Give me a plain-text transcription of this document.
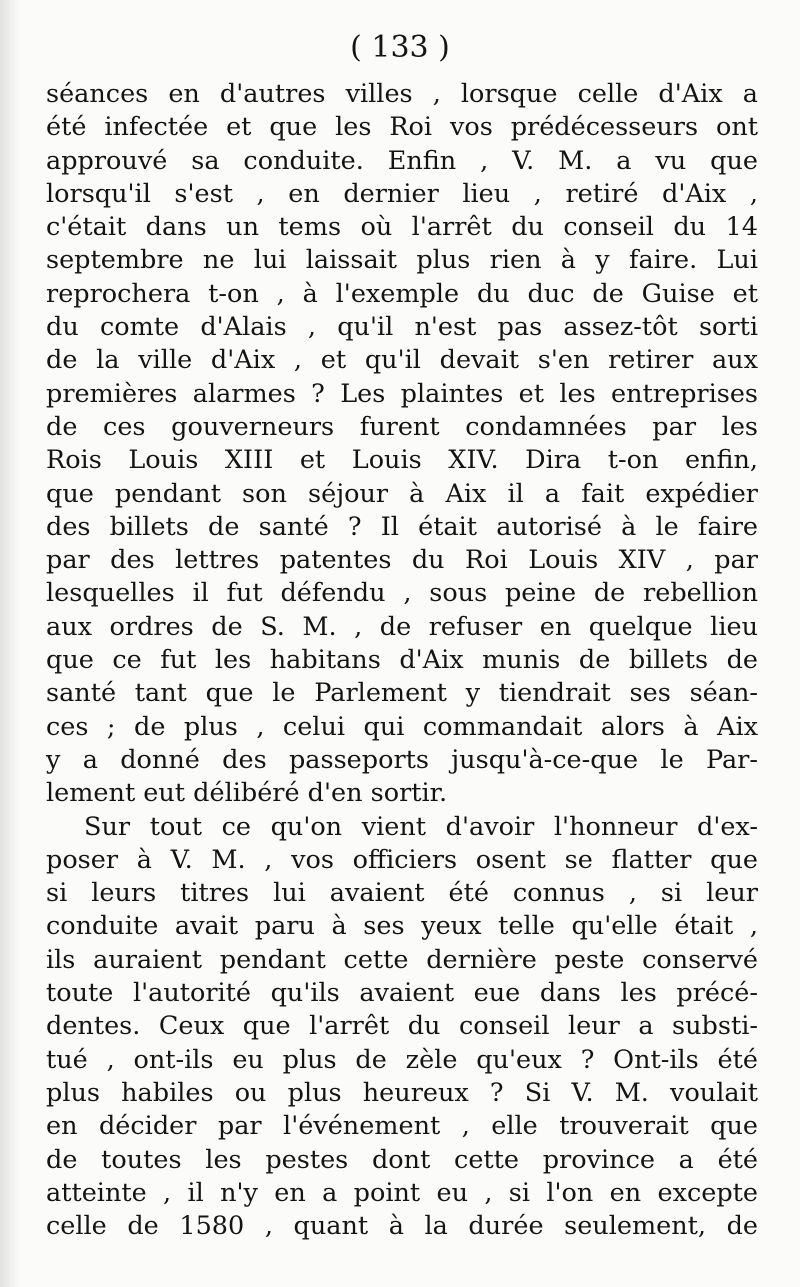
( 133 )
séances en d'autres villes , lorsque celle d'Aix a
été infectée et que les Roi vos prédécesseurs ont
approuvé sa conduite. Enfin , V. M. a vu que
lorsqu'il s'est , en dernier lieu , retiré d'Aix ,
c'était dans un tems où l'arrêt du conseil du 14
septembre ne lui laissait plus rien à y faire. Lui
reprochera t-on , à l'exemple du duc de Guise et
du comte d'Alais , qu'il n'est pas assez-tôt sorti
de la ville d'Aix , et qu'il devait s'en retirer aux
premières alarmes ? Les plaintes et les entreprises
de ces gouverneurs furent condamnées par les
Rois Louis XIII et Louis XIV. Dira t-on enfin,
que pendant son séjour à Aix il a fait expédier
des billets de santé ? Il était autorisé à le faire
par des lettres patentes du Roi Louis XIV , par
lesquelles il fut défendu , sous peine de rebellion
aux ordres de S. M. , de refuser en quelque lieu
que ce fut les habitans d'Aix munis de billets de
santé tant que le Parlement y tiendrait ses séan-
ces ; de plus , celui qui commandait alors à Aix
y a donné des passeports jusqu'à-ce-que le Par-
lement eut délibéré d'en sortir.
Sur tout ce qu'on vient d'avoir l'honneur d'ex-
poser à V. M. , vos officiers osent se flatter que
si leurs titres lui avaient été connus , si leur
conduite avait paru à ses yeux telle qu'elle était ,
ils auraient pendant cette dernière peste conservé
toute l'autorité qu'ils avaient eue dans les précé-
dentes. Ceux que l'arrêt du conseil leur a substi-
tué , ont-ils eu plus de zèle qu'eux ? Ont-ils été
plus habiles ou plus heureux ? Si V. M. voulait
en décider par l'événement , elle trouverait que
de toutes les pestes dont cette province a été
atteinte , il n'y en a point eu , si l'on en excepte
celle de 1580 , quant à la durée seulement, de
